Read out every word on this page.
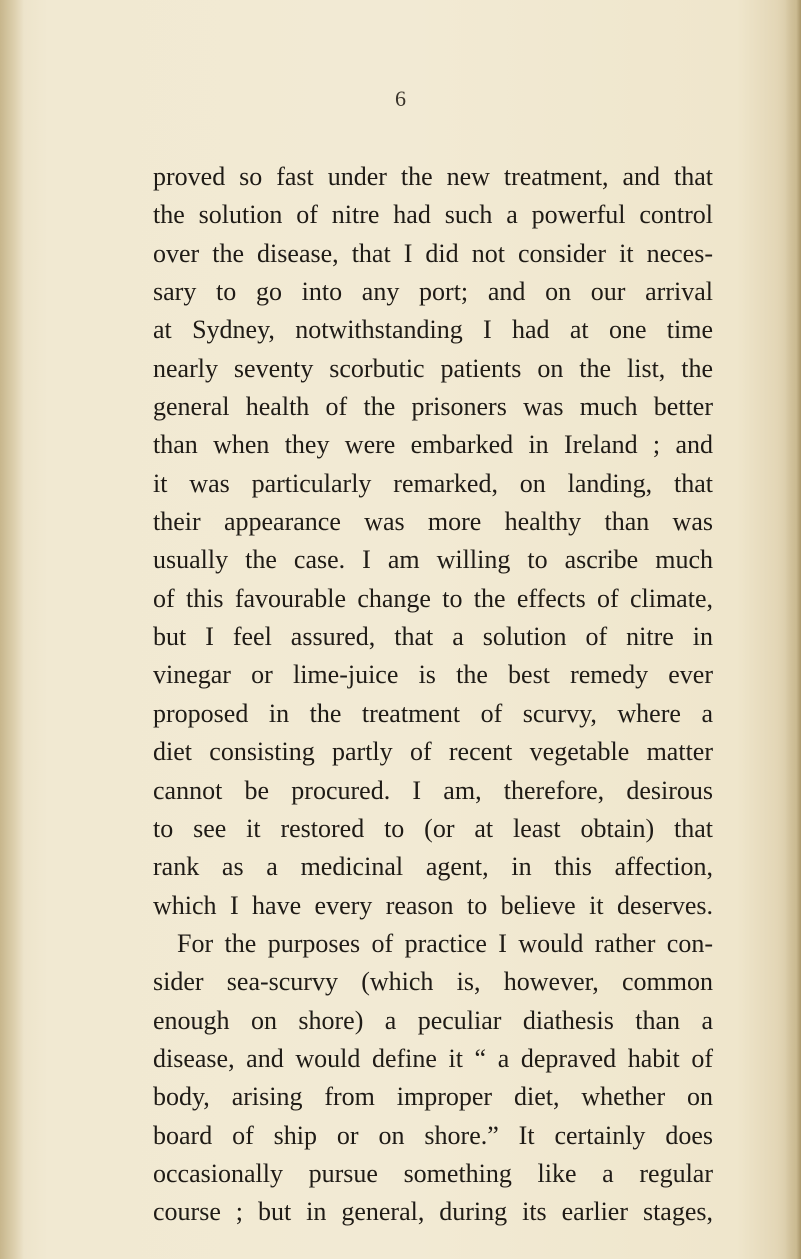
6
proved so fast under the new treatment, and that
the solution of nitre had such a powerful control
over the disease, that I did not consider it neces-
sary to go into any port; and on our arrival
at Sydney, notwithstanding I had at one time
nearly seventy scorbutic patients on the list, the
general health of the prisoners was much better
than when they were embarked in Ireland ; and
it was particularly remarked, on landing, that
their appearance was more healthy than was
usually the case. I am willing to ascribe much
of this favourable change to the effects of climate,
but I feel assured, that a solution of nitre in
vinegar or lime-juice is the best remedy ever
proposed in the treatment of scurvy, where a
diet consisting partly of recent vegetable matter
cannot be procured. I am, therefore, desirous
to see it restored to (or at least obtain) that
rank as a medicinal agent, in this affection,
which I have every reason to believe it deserves.
For the purposes of practice I would rather con-
sider sea-scurvy (which is, however, common
enough on shore) a peculiar diathesis than a
disease, and would define it “ a depraved habit of
body, arising from improper diet, whether on
board of ship or on shore.” It certainly does
occasionally pursue something like a regular
course ; but in general, during its earlier stages,
